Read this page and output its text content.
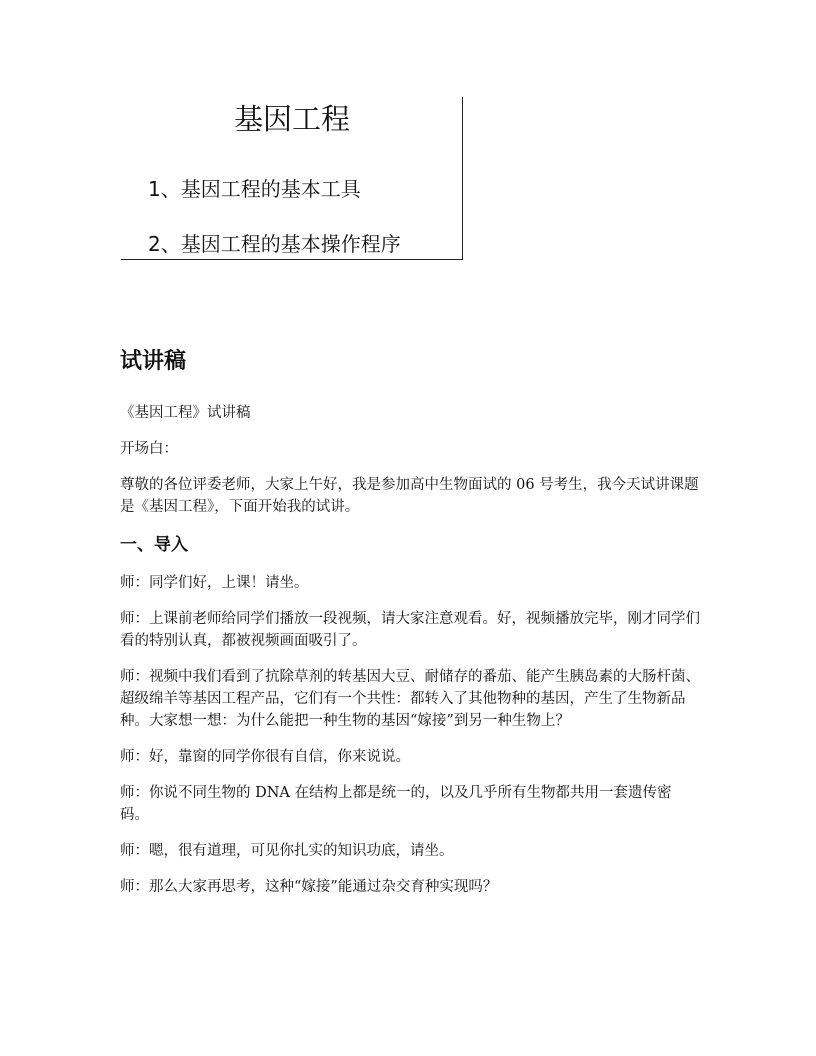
基因工程
1、基因工程的基本工具
2、基因工程的基本操作程序
试讲稿

《基因工程》试讲稿

开场白：

尊敬的各位评委老师，大家上午好，我是参加高中生物面试的 06 号考生，我今天试讲课题是《基因工程》，下面开始我的试讲。

一、导入

师：同学们好，上课！请坐。

师：上课前老师给同学们播放一段视频，请大家注意观看。好，视频播放完毕，刚才同学们看的特别认真，都被视频画面吸引了。

师：视频中我们看到了抗除草剂的转基因大豆、耐储存的番茄、能产生胰岛素的大肠杆菌、超级绵羊等基因工程产品，它们有一个共性：都转入了其他物种的基因，产生了生物新品种。大家想一想：为什么能把一种生物的基因“嫁接”到另一种生物上？

师：好，靠窗的同学你很有自信，你来说说。

师：你说不同生物的 DNA 在结构上都是统一的，以及几乎所有生物都共用一套遗传密码。

师：嗯，很有道理，可见你扎实的知识功底，请坐。

师：那么大家再思考，这种“嫁接”能通过杂交育种实现吗？
